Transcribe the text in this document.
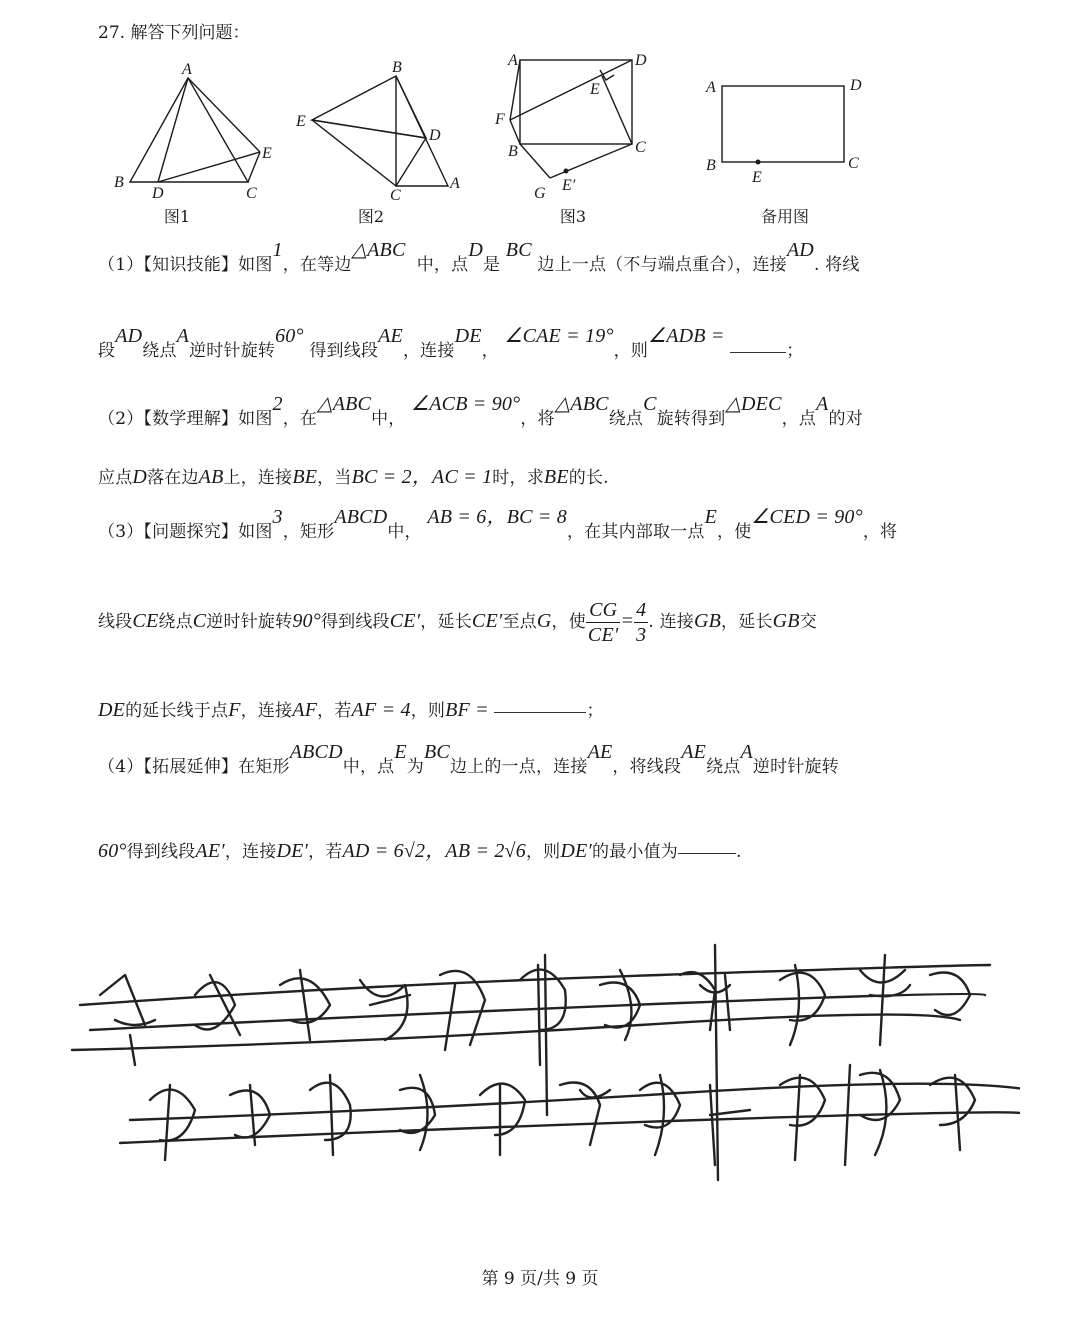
27. 解答下列问题：
A
B
D	C
E
图1
B
E
D
C
A
图2
A	D
E
F
B	C
G E′
图3
A	D
B
E
C
备用图
（1）【知识技能】如图1，在等边△ABC  中，点D是 BC 边上一点（不与端点重合），连接AD. 将线
段AD绕点A逆时针旋转60° 得到线段AE，连接DE， ∠CAE = 19°，则∠ADB = ；
（2）【数学理解】如图2，在△ABC中， ∠ACB = 90°，将△ABC绕点C旋转得到△DEC，点A的对
应点D落在边AB上，连接BE，当BC = 2，AC = 1时，求BE的长.
（3）【问题探究】如图3，矩形ABCD中， AB = 6，BC = 8，在其内部取一点E，使∠CED = 90°，将
线段CE绕点C逆时针旋转90°得到线段CE′，延长CE′至点G，使 $\frac{CG}{CE'} = \frac{4}{3}$ . 连接GB，延长GB交
DE的延长线于点F，连接AF，若AF = 4，则BF =	；
（4）【拓展延伸】在矩形ABCD中，点E为BC边上的一点，连接AE，将线段AE绕点A逆时针旋转
60°得到线段AE′，连接DE′，若AD = 6√2，AB = 2√6，则DE′的最小值为	.
第 9 页/共 9 页
